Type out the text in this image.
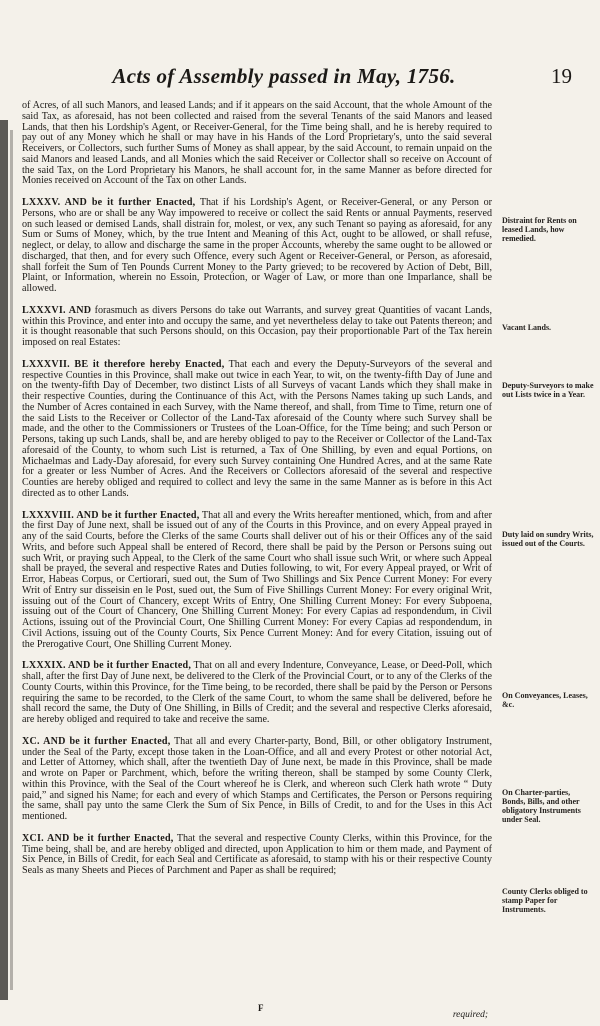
Acts of Assembly passed in May, 1756.	19

of Acres, of all such Manors, and leased Lands; and if it appears on the said Account, that the whole Amount of the said Tax, as aforesaid, has not been collected and raised from the several Tenants of the said Manors and leased Lands, that then his Lordship's Agent, or Receiver-General, for the Time being shall, and he is hereby required to pay out of any Money which he shall or may have in his Hands of the Lord Proprietary's, unto the said several Receivers, or Collectors, such further Sums of Money as shall appear, by the said Account, to remain unpaid on the said Manors and leased Lands, and all Monies which the said Receiver or Collector shall so receive on Account of the said Tax, on the Lord Proprietary his Manors, he shall account for, in the same Manner as before directed for Monies received on Account of the Tax on other Lands.

LXXXV. AND be it further Enacted, That if his Lordship's Agent, or Receiver-General, or any Person or Persons, who are or shall be any Way impowered to receive or collect the said Rents or annual Payments, reserved on such leased or demised Lands, shall distrain for, molest, or vex, any such Tenant so paying as aforesaid, for any Sum or Sums of Money, which, by the true Intent and Meaning of this Act, ought to be allowed, or shall refuse, neglect, or delay, to allow and discharge the same in the proper Accounts, whereby the same ought to be allowed or discharged, that then, and for every such Offence, every such Agent or Receiver-General, or Person, as aforesaid, shall forfeit the Sum of Ten Pounds Current Money to the Party grieved; to be recovered by Action of Debt, Bill, Plaint, or Information, wherein no Essoin, Protection, or Wager of Law, or more than one Imparlance, shall be allowed.

LXXXVI. AND forasmuch as divers Persons do take out Warrants, and survey great Quantities of vacant Lands, within this Province, and enter into and occupy the same, and yet nevertheless delay to take out Patents thereon; and it is thought reasonable that such Persons should, on this Occasion, pay their proportionable Part of the Tax herein imposed on real Estates:

LXXXVII. BE it therefore hereby Enacted, That each and every the Deputy-Surveyors of the several and respective Counties in this Province, shall make out twice in each Year, to wit, on the twenty-fifth Day of June and on the twenty-fifth Day of December, two distinct Lists of all Surveys of vacant Lands which they shall make in their respective Counties, during the Continuance of this Act, with the Persons Names taking up such Lands, and the Number of Acres contained in each Survey, with the Name thereof, and shall, from Time to Time, return one of the said Lists to the Receiver or Collector of the Land-Tax aforesaid of the County where such Survey shall be made, and the other to the Commissioners or Trustees of the Loan-Office, for the Time being; and such Person or Persons, taking up such Lands, shall be, and are hereby obliged to pay to the Receiver or Collector of the Land-Tax aforesaid of the County, to whom such List is returned, a Tax of One Shilling, by even and equal Portions, on Michaelmas and Lady-Day aforesaid, for every such Survey containing One Hundred Acres, and at the same Rate for a greater or less Number of Acres. And the Receivers or Collectors aforesaid of the several and respective Counties are hereby obliged and required to collect and levy the same in the same Manner as is before in this Act directed as to other Lands.

LXXXVIII. AND be it further Enacted, That all and every the Writs hereafter mentioned, which, from and after the first Day of June next, shall be issued out of any of the Courts in this Province, and on every Appeal prayed in any of the said Courts, before the Clerks of the same Courts shall deliver out of his or their Offices any of the said Writs, and before such Appeal shall be entered of Record, there shall be paid by the Person or Persons suing out such Writ, or praying such Appeal, to the Clerk of the same Court who shall issue such Writ, or where such Appeal shall be prayed, the several and respective Rates and Duties following, to wit, For every Appeal prayed, or Writ of Error, Habeas Corpus, or Certiorari, sued out, the Sum of Two Shillings and Six Pence Current Money: For every Writ of Entry sur disseisin en le Post, sued out, the Sum of Five Shillings Current Money: For every original Writ, issuing out of the Court of Chancery, except Writs of Entry, One Shilling Current Money: For every Subpoena, issuing out of the Court of Chancery, One Shilling Current Money: For every Capias ad respondendum, in Civil Actions, issuing out of the Provincial Court, One Shilling Current Money: For every Capias ad respondendum, in Civil Actions, issuing out of the County Courts, Six Pence Current Money: And for every Citation, issuing out of the Prerogative Court, One Shilling Current Money.

LXXXIX. AND be it further Enacted, That on all and every Indenture, Conveyance, Lease, or Deed-Poll, which shall, after the first Day of June next, be delivered to the Clerk of the Provincial Court, or to any of the Clerks of the County Courts, within this Province, for the Time being, to be recorded, there shall be paid by the Person or Persons requiring the same to be recorded, to the Clerk of the same Court, to whom the same shall be delivered, before he shall record the same, the Duty of One Shilling, in Bills of Credit; and the several and respective Clerks aforesaid, are hereby obliged and required to take and receive the same.

XC. AND be it further Enacted, That all and every Charter-party, Bond, Bill, or other obligatory Instrument, under the Seal of the Party, except those taken in the Loan-Office, and all and every Protest or other notorial Act, and Letter of Attorney, which shall, after the twentieth Day of June next, be made in this Province, shall be made and wrote on Paper or Parchment, which, before the writing thereon, shall be stamped by some County Clerk, within this Province, with the Seal of the Court whereof he is Clerk, and whereon such Clerk hath wrote “ Duty paid,” and signed his Name; for each and every of which Stamps and Certificates, the Person or Persons requiring the same, shall pay unto the same Clerk the Sum of Six Pence, in Bills of Credit, to and for the Uses in this Act mentioned.

XCI. AND be it further Enacted, That the several and respective County Clerks, within this Province, for the Time being, shall be, and are hereby obliged and directed, upon Application to him or them made, and Payment of Six Pence, in Bills of Credit, for each Seal and Certificate as aforesaid, to stamp with his or their respective County Seals as many Sheets and Pieces of Parchment and Paper as shall be required;

Distraint for Rents on leased Lands, how remedied.
Vacant Lands.
Deputy-Surveyors to make out Lists twice in a Year.
Duty laid on sundry Writs, issued out of the Courts.
On Conveyances, Leases, &c.
On Charter-parties, Bonds, Bills, and other obligatory Instruments under Seal.
County Clerks obliged to stamp Paper for Instruments.
F
required;
